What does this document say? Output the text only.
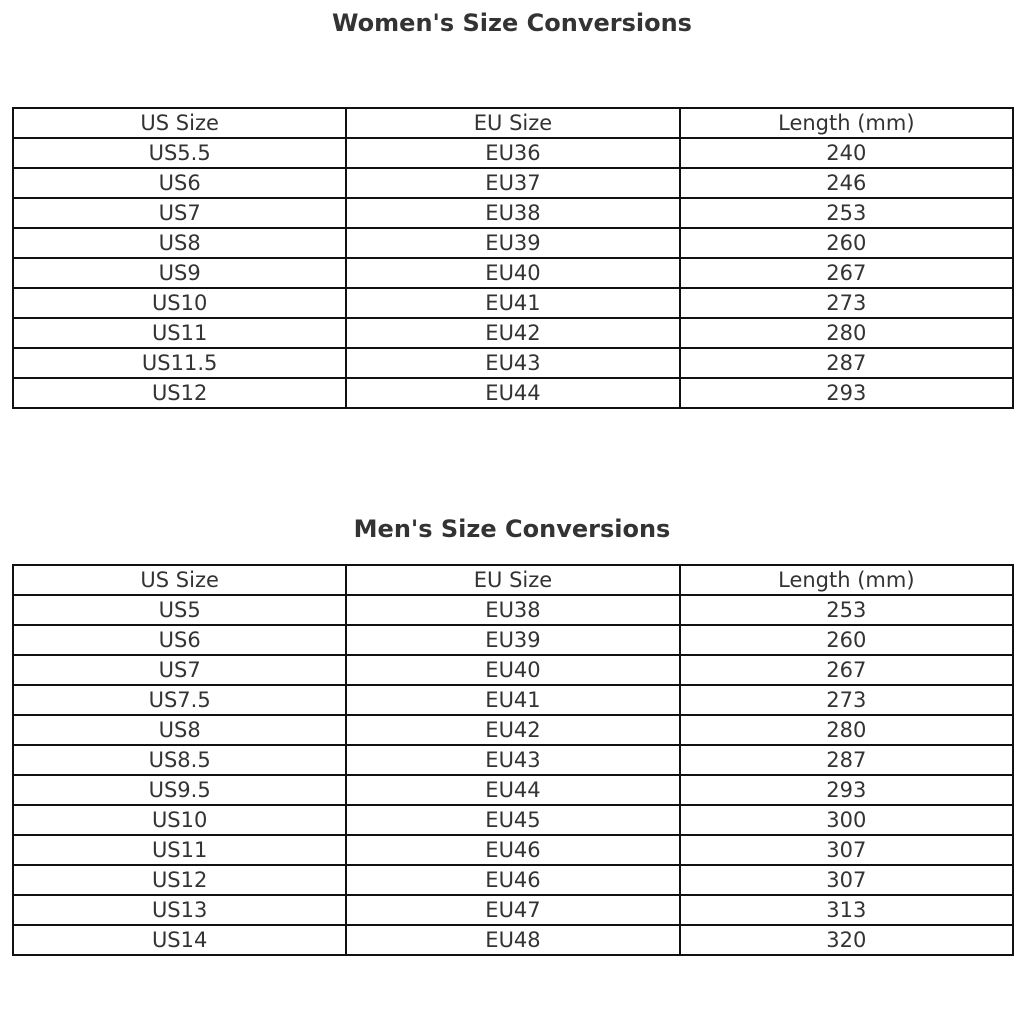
Women's Size Conversions
US Size	EU Size	Length (mm)
US5.5	EU36	240
US6	EU37	246
US7	EU38	253
US8	EU39	260
US9	EU40	267
US10	EU41	273
US11	EU42	280
US11.5	EU43	287
US12	EU44	293
Men's Size Conversions
US Size	EU Size	Length (mm)
US5	EU38	253
US6	EU39	260
US7	EU40	267
US7.5	EU41	273
US8	EU42	280
US8.5	EU43	287
US9.5	EU44	293
US10	EU45	300
US11	EU46	307
US12	EU46	307
US13	EU47	313
US14	EU48	320
